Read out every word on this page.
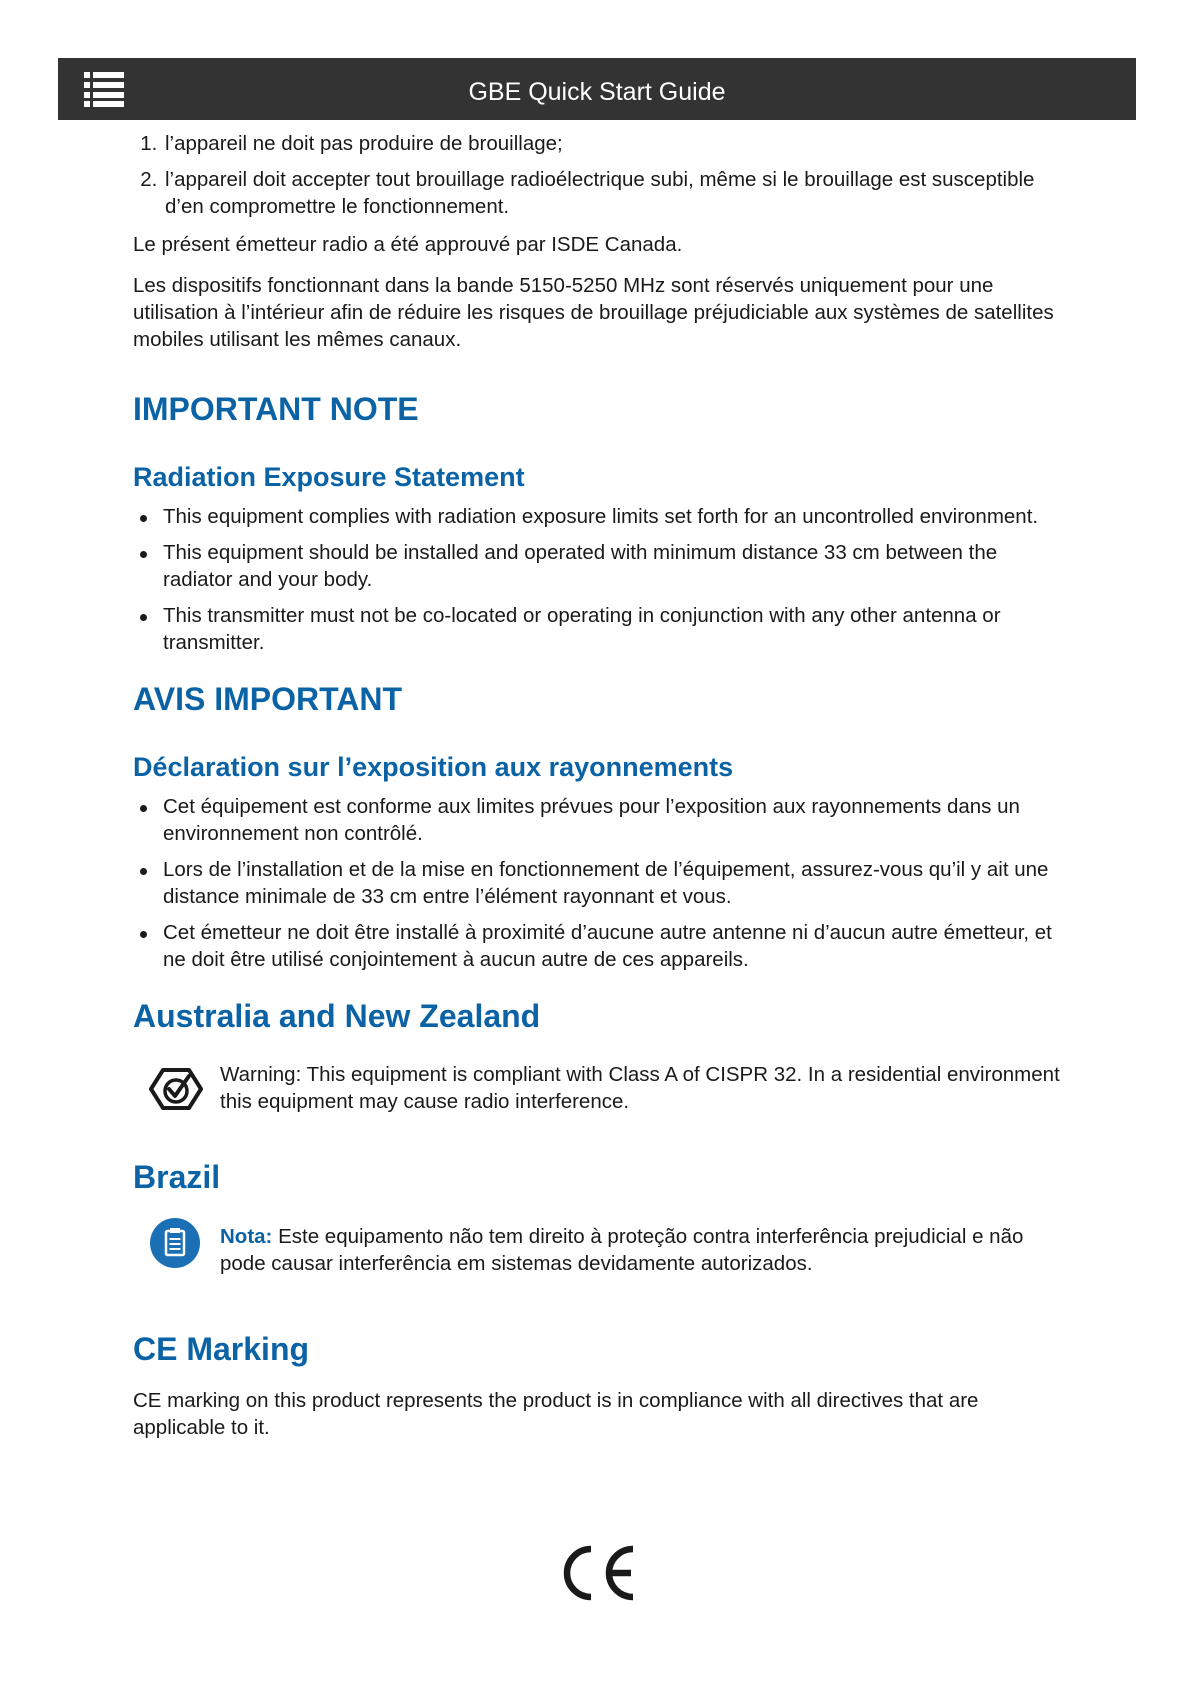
GBE Quick Start Guide
1. l’appareil ne doit pas produire de brouillage;
2. l’appareil doit accepter tout brouillage radioélectrique subi, même si le brouillage est susceptible d’en compromettre le fonctionnement.

Le présent émetteur radio a été approuvé par ISDE Canada.

Les dispositifs fonctionnant dans la bande 5150-5250 MHz sont réservés uniquement pour une utilisation à l’intérieur afin de réduire les risques de brouillage préjudiciable aux systèmes de satellites mobiles utilisant les mêmes canaux.

IMPORTANT NOTE
Radiation Exposure Statement
This equipment complies with radiation exposure limits set forth for an uncontrolled environment.
This equipment should be installed and operated with minimum distance 33 cm between the radiator and your body.
This transmitter must not be co-located or operating in conjunction with any other antenna or transmitter.
AVIS IMPORTANT
Déclaration sur l’exposition aux rayonnements
Cet équipement est conforme aux limites prévues pour l’exposition aux rayonnements dans un environnement non contrôlé.
Lors de l’installation et de la mise en fonctionnement de l’équipement, assurez-vous qu’il y ait une distance minimale de 33 cm entre l’élément rayonnant et vous.
Cet émetteur ne doit être installé à proximité d’aucune autre antenne ni d’aucun autre émetteur, et ne doit être utilisé conjointement à aucun autre de ces appareils.
Australia and New Zealand

Warning: This equipment is compliant with Class A of CISPR 32. In a residential environment this equipment may cause radio interference.

Brazil

Nota: Este equipamento não tem direito à proteção contra interferência prejudicial e não pode causar interferência em sistemas devidamente autorizados.

CE Marking

CE marking on this product represents the product is in compliance with all directives that are applicable to it.
